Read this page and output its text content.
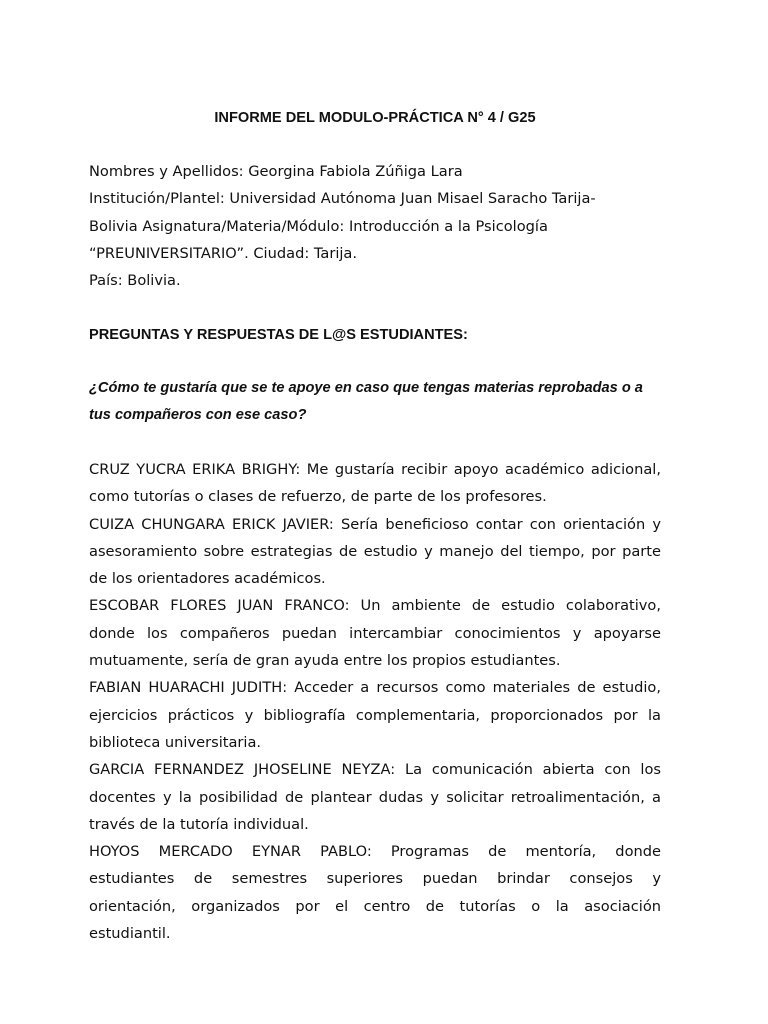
INFORME DEL MODULO-PRÁCTICA N° 4 / G25
Nombres y Apellidos: Georgina Fabiola Zúñiga Lara
Institución/Plantel: Universidad Autónoma Juan Misael Saracho Tarija-
Bolivia Asignatura/Materia/Módulo: Introducción a la Psicología
“PREUNIVERSITARIO”. Ciudad: Tarija.
País: Bolivia.
PREGUNTAS Y RESPUESTAS DE L@S ESTUDIANTES:
¿Cómo te gustaría que se te apoye en caso que tengas materias reprobadas o a
tus compañeros con ese caso?
CRUZ YUCRA ERIKA BRIGHY: Me gustaría recibir apoyo académico adicional,
como tutorías o clases de refuerzo, de parte de los profesores.
CUIZA CHUNGARA ERICK JAVIER: Sería beneficioso contar con orientación y
asesoramiento sobre estrategias de estudio y manejo del tiempo, por parte
de los orientadores académicos.
ESCOBAR FLORES JUAN FRANCO: Un ambiente de estudio colaborativo,
donde los compañeros puedan intercambiar conocimientos y apoyarse
mutuamente, sería de gran ayuda entre los propios estudiantes.
FABIAN HUARACHI JUDITH: Acceder a recursos como materiales de estudio,
ejercicios prácticos y bibliografía complementaria, proporcionados por la
biblioteca universitaria.
GARCIA FERNANDEZ JHOSELINE NEYZA: La comunicación abierta con los
docentes y la posibilidad de plantear dudas y solicitar retroalimentación, a
través de la tutoría individual.
HOYOS MERCADO EYNAR PABLO: Programas de mentoría, donde
estudiantes de semestres superiores puedan brindar consejos y
orientación, organizados por el centro de tutorías o la asociación
estudiantil.
